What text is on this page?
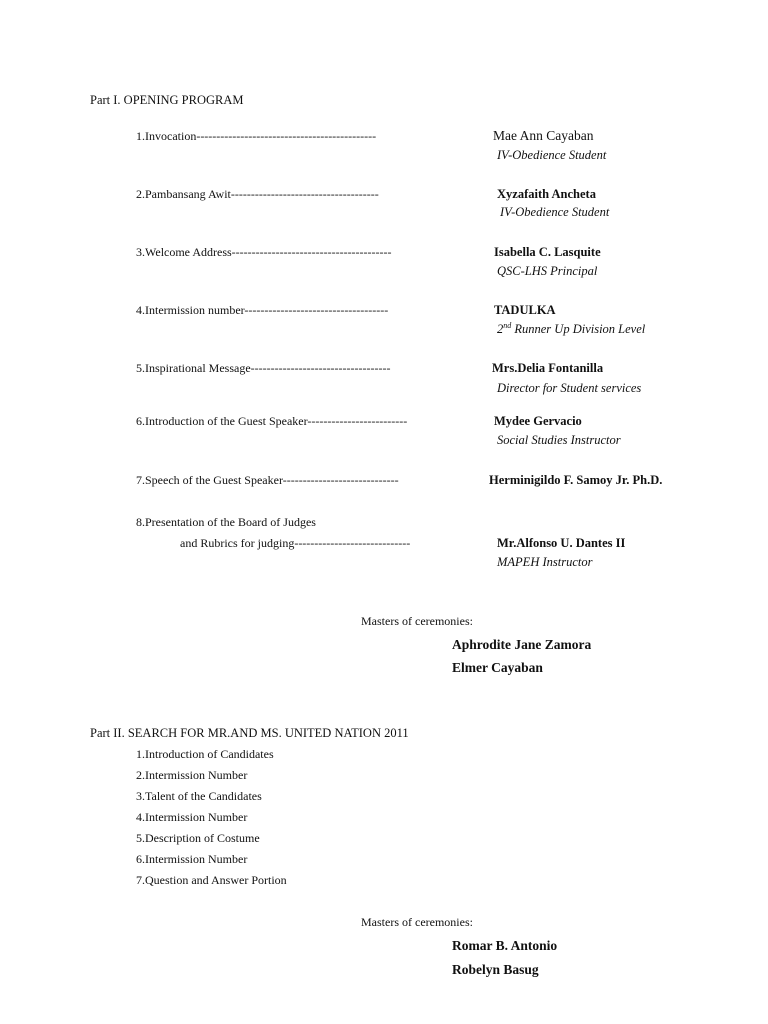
Part I. OPENING PROGRAM
1.Invocation---------------------------------------------	Mae Ann Cayaban
IV-Obedience Student
2.Pambansang Awit-------------------------------------	Xyzafaith Ancheta
IV-Obedience Student
3.Welcome Address----------------------------------------	Isabella C. Lasquite
QSC-LHS Principal
4.Intermission number------------------------------------	TADULKA
2nd Runner Up Division Level
5.Inspirational Message-----------------------------------	Mrs.Delia Fontanilla
Director for Student services
6.Introduction of the Guest Speaker-------------------------	Mydee Gervacio
Social Studies Instructor
7.Speech of the Guest Speaker-----------------------------	Herminigildo F. Samoy Jr. Ph.D.
8.Presentation of the Board of Judges
and Rubrics for judging-----------------------------	Mr.Alfonso U. Dantes II
MAPEH Instructor
Masters of ceremonies:
Aphrodite Jane Zamora
Elmer Cayaban
Part II. SEARCH FOR MR.AND MS. UNITED NATION 2011
1.Introduction of Candidates
2.Intermission Number
3.Talent of the Candidates
4.Intermission Number
5.Description of Costume
6.Intermission Number
7.Question and Answer Portion
Masters of ceremonies:
Romar B. Antonio
Robelyn Basug
